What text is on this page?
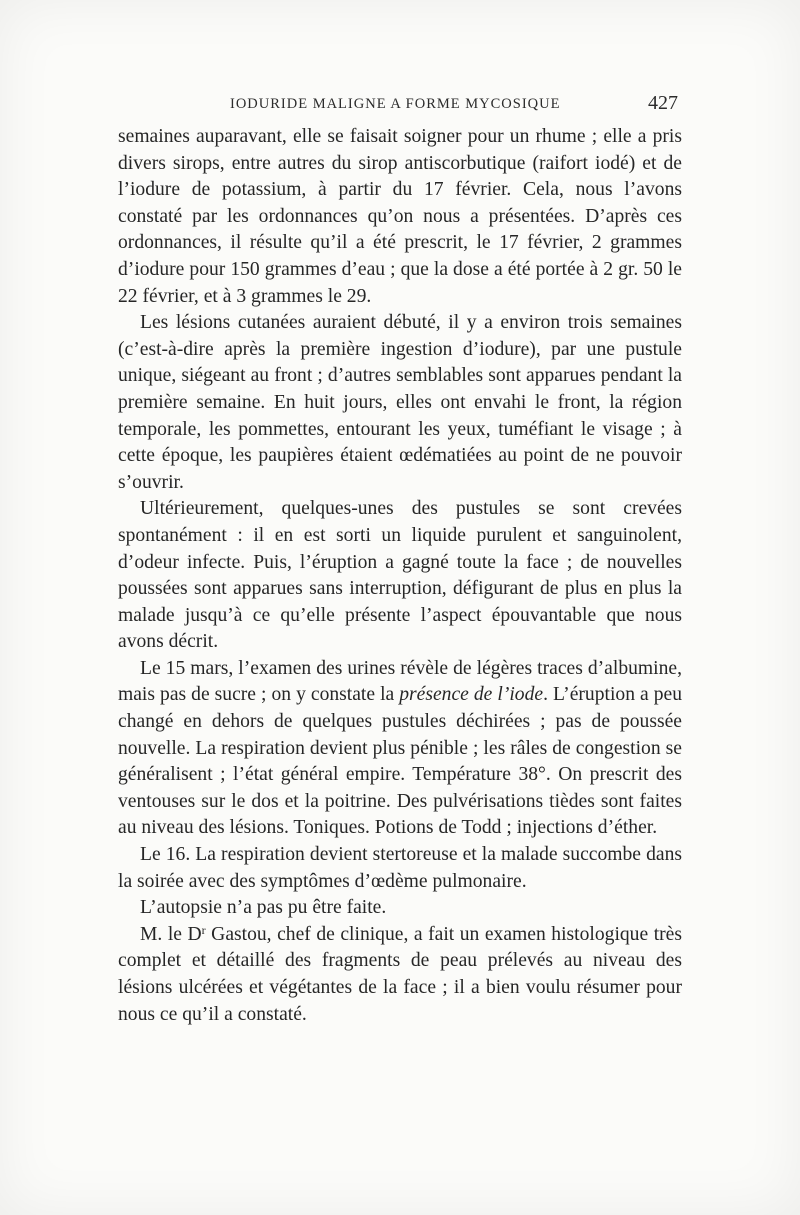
IODURIDE MALIGNE A FORME MYCOSIQUE	427

semaines auparavant, elle se faisait soigner pour un rhume ; elle a pris divers sirops, entre autres du sirop antiscorbutique (raifort iodé) et de l’iodure de potassium, à partir du 17 février. Cela, nous l’avons constaté par les ordonnances qu’on nous a présentées. D’après ces ordonnances, il résulte qu’il a été prescrit, le 17 février, 2 grammes d’iodure pour 150 grammes d’eau ; que la dose a été portée à 2 gr. 50 le 22 février, et à 3 grammes le 29.

Les lésions cutanées auraient débuté, il y a environ trois semaines (c’est-à-dire après la première ingestion d’iodure), par une pustule unique, siégeant au front ; d’autres semblables sont apparues pendant la première semaine. En huit jours, elles ont envahi le front, la région temporale, les pommettes, entourant les yeux, tuméfiant le visage ; à cette époque, les paupières étaient œdématiées au point de ne pouvoir s’ouvrir.

Ultérieurement, quelques-unes des pustules se sont crevées spontanément : il en est sorti un liquide purulent et sanguinolent, d’odeur infecte. Puis, l’éruption a gagné toute la face ; de nouvelles poussées sont apparues sans interruption, défigurant de plus en plus la malade jusqu’à ce qu’elle présente l’aspect épouvantable que nous avons décrit.

Le 15 mars, l’examen des urines révèle de légères traces d’albumine, mais pas de sucre ; on y constate la présence de l’iode. L’éruption a peu changé en dehors de quelques pustules déchirées ; pas de poussée nouvelle. La respiration devient plus pénible ; les râles de congestion se généralisent ; l’état général empire. Température 38°. On prescrit des ventouses sur le dos et la poitrine. Des pulvérisations tièdes sont faites au niveau des lésions. Toniques. Potions de Todd ; injections d’éther.

Le 16. La respiration devient stertoreuse et la malade succombe dans la soirée avec des symptômes d’œdème pulmonaire.

L’autopsie n’a pas pu être faite.

M. le $D^r$ Gastou, chef de clinique, a fait un examen histologique très complet et détaillé des fragments de peau prélevés au niveau des lésions ulcérées et végétantes de la face ; il a bien voulu résumer pour nous ce qu’il a constaté.
